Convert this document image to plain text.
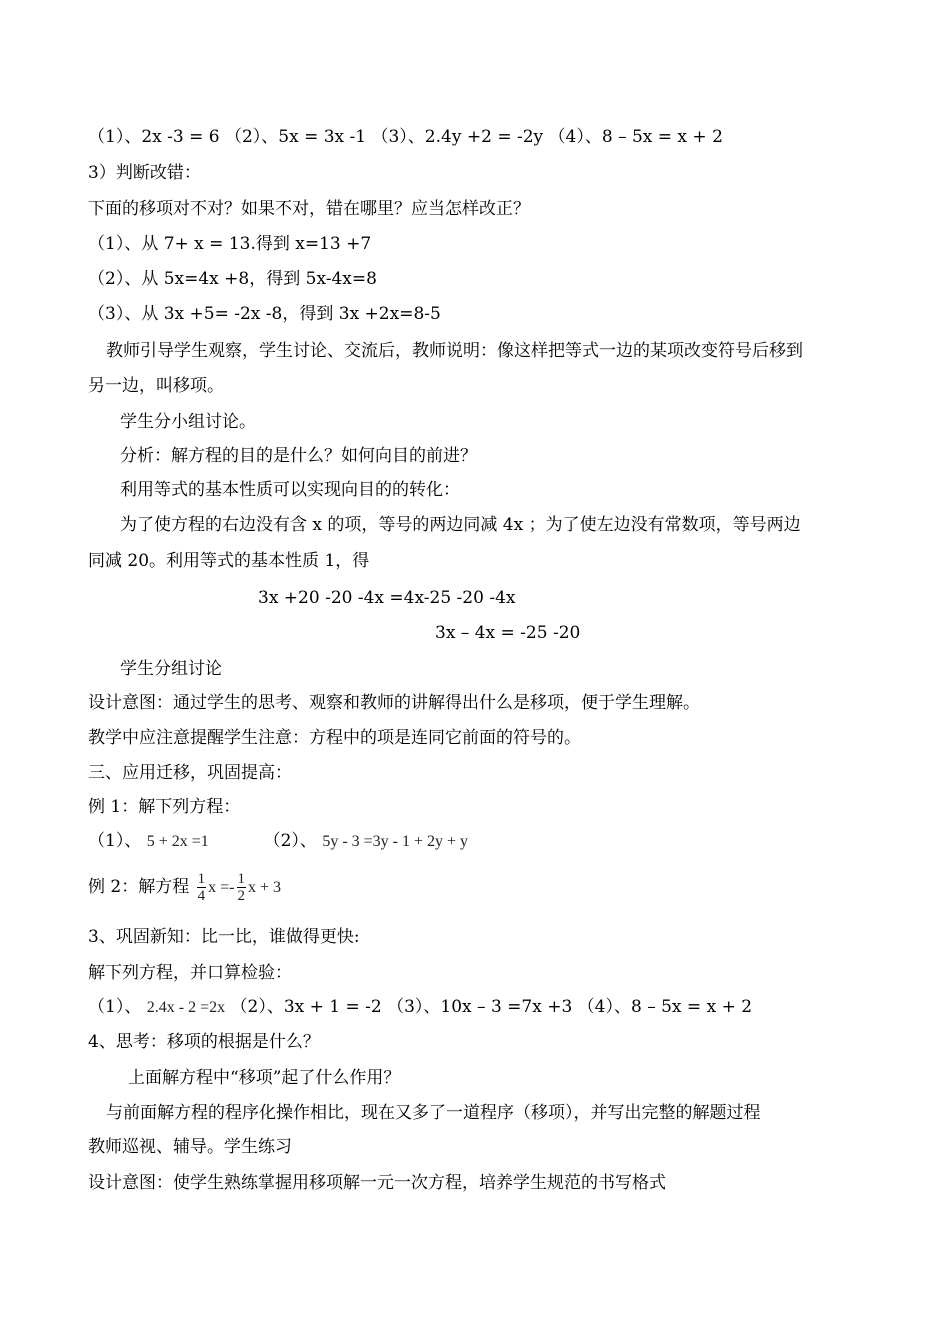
（1）、2x -3 = 6 （2）、5x = 3x -1 （3）、2.4y +2 = -2y （4）、8 – 5x = x + 2
3）判断改错：
下面的移项对不对？如果不对，错在哪里？应当怎样改正？
（1）、从 7+ x = 13.得到 x=13 +7
（2）、从 5x=4x +8，得到 5x-4x=8
（3）、从 3x +5= -2x -8，得到 3x +2x=8-5
教师引导学生观察，学生讨论、交流后，教师说明：像这样把等式一边的某项改变符号后移到
另一边，叫移项。
学生分小组讨论。
分析：解方程的目的是什么？如何向目的前进？
利用等式的基本性质可以实现向目的的转化：
为了使方程的右边没有含 x 的项，等号的两边同减 4x ；为了使左边没有常数项，等号两边
同减 20。利用等式的基本性质 1，得
3x +20 -20 -4x =4x-25 -20 -4x
3x – 4x = -25 -20
学生分组讨论
设计意图：通过学生的思考、观察和教师的讲解得出什么是移项，便于学生理解。
教学中应注意提醒学生注意：方程中的项是连同它前面的符号的。
三、应用迁移，巩固提高：
例 1：解下列方程：
（1）、 5 + 2x =1	（2）、 5y - 3 =3y - 1 + 2y + y
例 2：解方程 $\frac{1}{4}$ $x =- \frac{1}{2}$ x + 3
3、巩固新知：比一比，谁做得更快:
解下列方程，并口算检验：
（1）、 2.4x - 2 =2x （2）、3x + 1 = -2 （3）、10x – 3 =7x +3 （4）、8 – 5x = x + 2
4、思考：移项的根据是什么？
上面解方程中“移项”起了什么作用？
与前面解方程的程序化操作相比，现在又多了一道程序（移项），并写出完整的解题过程
教师巡视、辅导。学生练习
设计意图：使学生熟练掌握用移项解一元一次方程，培养学生规范的书写格式
